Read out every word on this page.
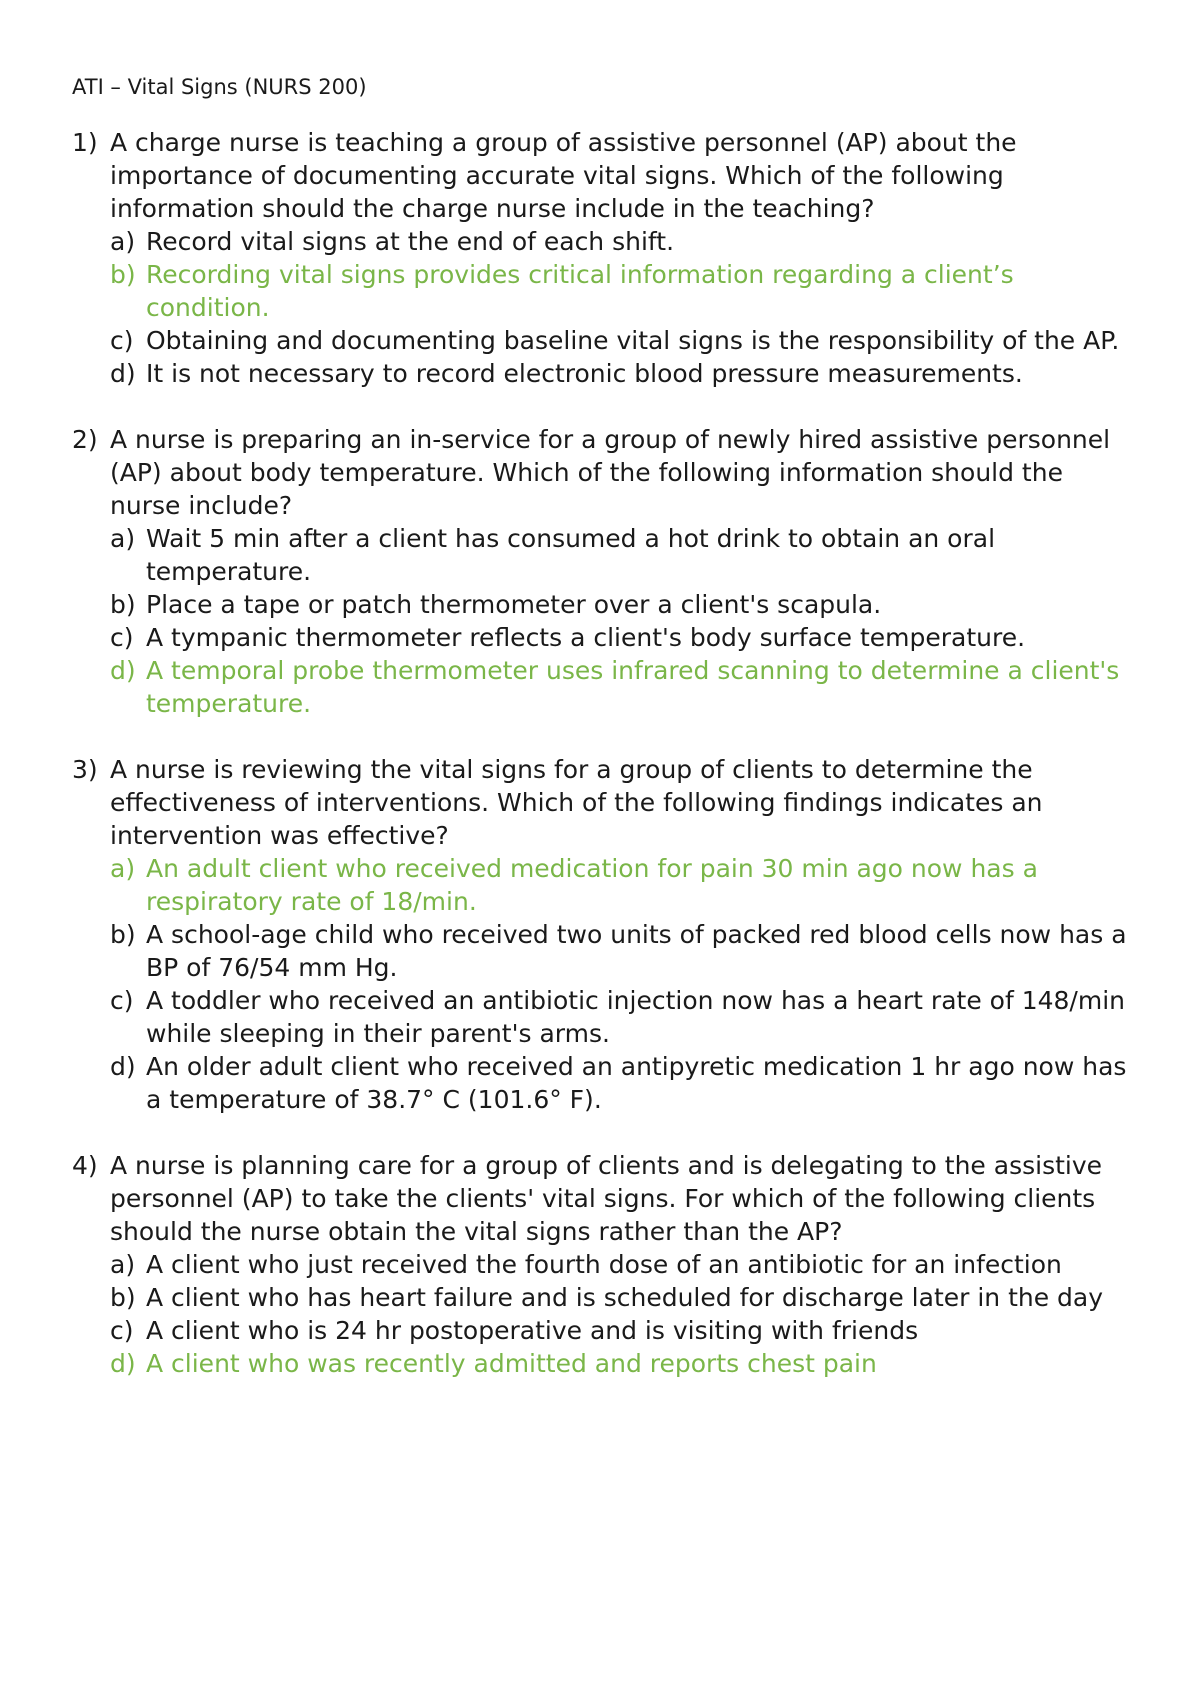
ATI – Vital Signs (NURS 200)
1) A charge nurse is teaching a group of assistive personnel (AP) about the importance of documenting accurate vital signs. Which of the following information should the charge nurse include in the teaching?
a) Record vital signs at the end of each shift.
b) Recording vital signs provides critical information regarding a client’s condition.
c) Obtaining and documenting baseline vital signs is the responsibility of the AP.
d) It is not necessary to record electronic blood pressure measurements.
2) A nurse is preparing an in-service for a group of newly hired assistive personnel (AP) about body temperature. Which of the following information should the nurse include?
a) Wait 5 min after a client has consumed a hot drink to obtain an oral temperature.
b) Place a tape or patch thermometer over a client's scapula.
c) A tympanic thermometer reflects a client's body surface temperature.
d) A temporal probe thermometer uses infrared scanning to determine a client's temperature.
3) A nurse is reviewing the vital signs for a group of clients to determine the effectiveness of interventions. Which of the following findings indicates an intervention was effective?
a) An adult client who received medication for pain 30 min ago now has a respiratory rate of 18/min.
b) A school-age child who received two units of packed red blood cells now has a BP of 76/54 mm Hg.
c) A toddler who received an antibiotic injection now has a heart rate of 148/min while sleeping in their parent's arms.
d) An older adult client who received an antipyretic medication 1 hr ago now has a temperature of 38.7° C (101.6° F).
4) A nurse is planning care for a group of clients and is delegating to the assistive personnel (AP) to take the clients' vital signs. For which of the following clients should the nurse obtain the vital signs rather than the AP?
a) A client who just received the fourth dose of an antibiotic for an infection
b) A client who has heart failure and is scheduled for discharge later in the day
c) A client who is 24 hr postoperative and is visiting with friends
d) A client who was recently admitted and reports chest pain
